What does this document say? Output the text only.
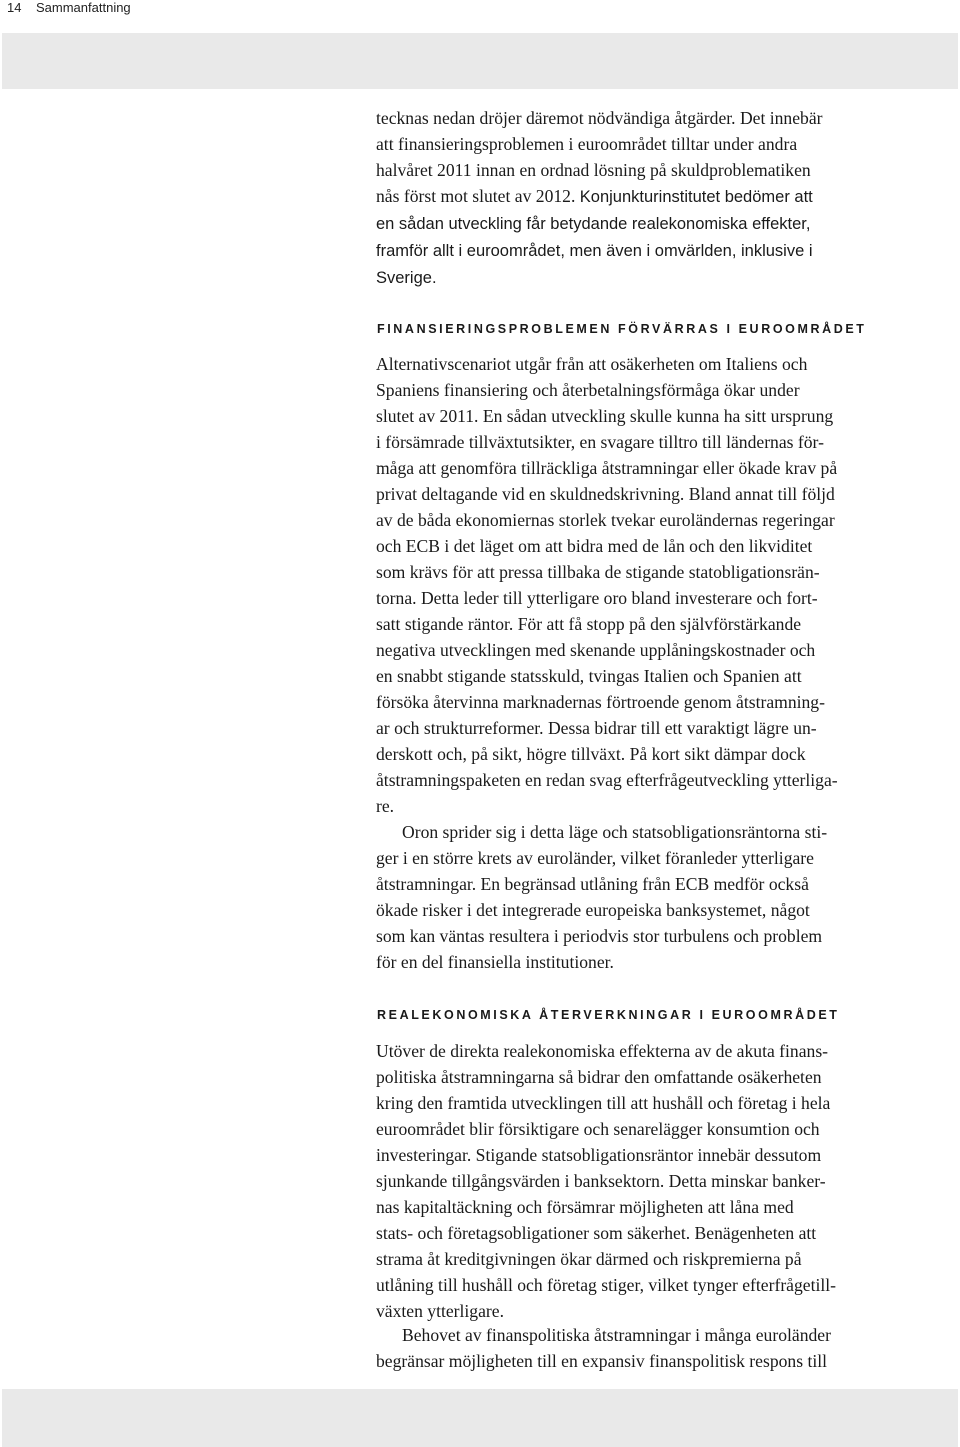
14 Sammanfattning

tecknas nedan dröjer däremot nödvändiga åtgärder. Det innebär
att finansieringsproblemen i euroområdet tilltar under andra
halvåret 2011 innan en ordnad lösning på skuldproblematiken
nås först mot slutet av 2012. Konjunkturinstitutet bedömer att
en sådan utveckling får betydande realekonomiska effekter,
framför allt i euroområdet, men även i omvärlden, inklusive i
Sverige.

FINANSIERINGSPROBLEMEN FÖRVÄRRAS I EUROOMRÅDET

Alternativscenariot utgår från att osäkerheten om Italiens och
Spaniens finansiering och återbetalningsförmåga ökar under
slutet av 2011. En sådan utveckling skulle kunna ha sitt ursprung
i försämrade tillväxtutsikter, en svagare tilltro till ländernas för-
måga att genomföra tillräckliga åtstramningar eller ökade krav på
privat deltagande vid en skuldnedskrivning. Bland annat till följd
av de båda ekonomiernas storlek tvekar euroländernas regeringar
och ECB i det läget om att bidra med de lån och den likviditet
som krävs för att pressa tillbaka de stigande statobligationsrän-
torna. Detta leder till ytterligare oro bland investerare och fort-
satt stigande räntor. För att få stopp på den självförstärkande
negativa utvecklingen med skenande upplåningskostnader och
en snabbt stigande statsskuld, tvingas Italien och Spanien att
försöka återvinna marknadernas förtroende genom åtstramning-
ar och strukturreformer. Dessa bidrar till ett varaktigt lägre un-
derskott och, på sikt, högre tillväxt. På kort sikt dämpar dock
åtstramningspaketen en redan svag efterfrågeutveckling ytterliga-
re.

Oron sprider sig i detta läge och statsobligationsräntorna sti-
ger i en större krets av euroländer, vilket föranleder ytterligare
åtstramningar. En begränsad utlåning från ECB medför också
ökade risker i det integrerade europeiska banksystemet, något
som kan väntas resultera i periodvis stor turbulens och problem
för en del finansiella institutioner.

REALEKONOMISKA ÅTERVERKNINGAR I EUROOMRÅDET

Utöver de direkta realekonomiska effekterna av de akuta finans-
politiska åtstramningarna så bidrar den omfattande osäkerheten
kring den framtida utvecklingen till att hushåll och företag i hela
euroområdet blir försiktigare och senarelägger konsumtion och
investeringar. Stigande statsobligationsräntor innebär dessutom
sjunkande tillgångsvärden i banksektorn. Detta minskar banker-
nas kapitaltäckning och försämrar möjligheten att låna med
stats- och företagsobligationer som säkerhet. Benägenheten att
strama åt kreditgivningen ökar därmed och riskpremierna på
utlåning till hushåll och företag stiger, vilket tynger efterfrågetill-
växten ytterligare.

Behovet av finanspolitiska åtstramningar i många euroländer
begränsar möjligheten till en expansiv finanspolitisk respons till
